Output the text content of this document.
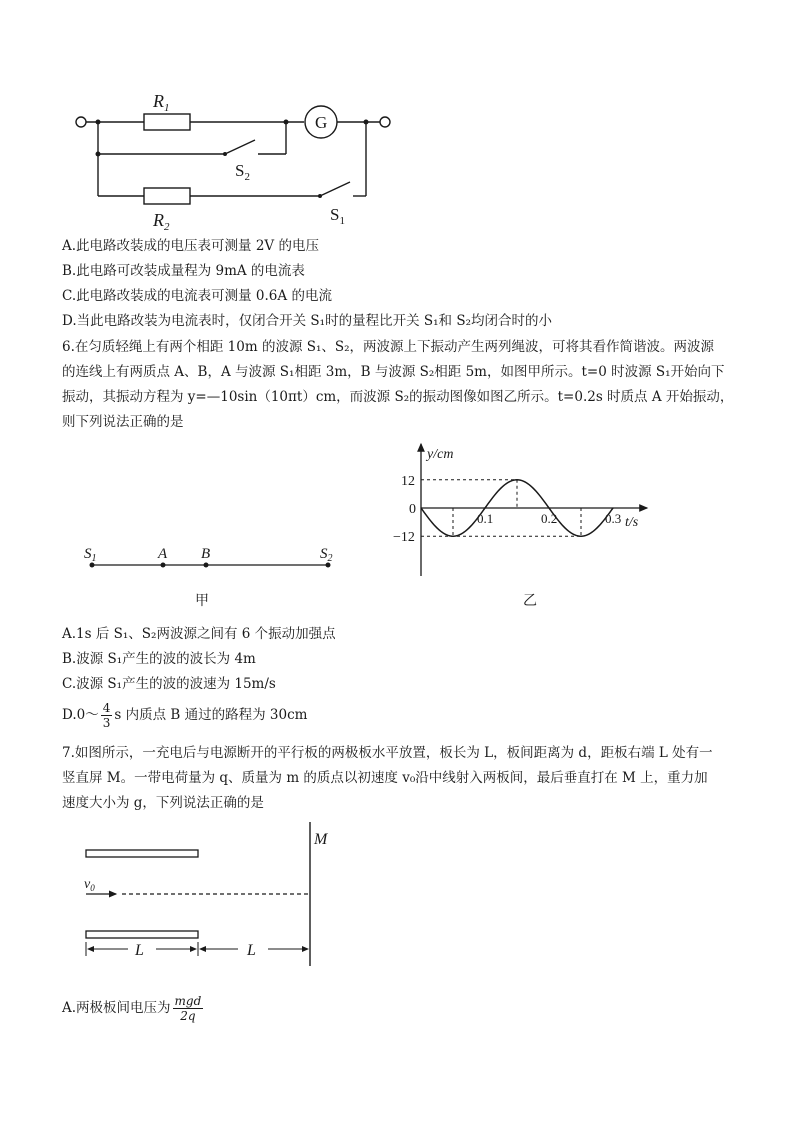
$R_1$
G
$S_2$
$R_2$
$S_1$
A.此电路改装成的电压表可测量 2V 的电压
B.此电路可改装成量程为 9mA 的电流表
C.此电路改装成的电流表可测量 0.6A 的电流
D.当此电路改装为电流表时，仅闭合开关 S₁时的量程比开关 S₁和 S₂均闭合时的小
6.在匀质轻绳上有两个相距 10m 的波源 S₁、S₂，两波源上下振动产生两列绳波，可将其看作简谐波。两波源
的连线上有两质点 A、B，A 与波源 S₁相距 3m，B 与波源 S₂相距 5m，如图甲所示。t=0 时波源 S₁开始向下
振动，其振动方程为 y=—10sin（10πt）cm，而波源 S₂的振动图像如图乙所示。t=0.2s 时质点 A 开始振动，
则下列说法正确的是
$S_1$	A B	$S_2$
甲
y/cm
t/s
12
0
−12
0.1	0.2	0.3
乙
A.1s 后 S₁、S₂两波源之间有 6 个振动加强点
B.波源 S₁产生的波的波长为 4m
C.波源 S₁产生的波的波速为 15m/s
D.0～ $\frac{4}{3}$ s 内质点 B 通过的路程为 30cm
7.如图所示，一充电后与电源断开的平行板的两极板水平放置，板长为 L，板间距离为 d，距板右端 L 处有一
竖直屏 M。一带电荷量为 q、质量为 m 的质点以初速度 v₀沿中线射入两板间，最后垂直打在 M 上，重力加
速度大小为 g，下列说法正确的是
M
$v_0$
L	L
A.两极板间电压为 $\frac{\text{mgd}}{2q}$
